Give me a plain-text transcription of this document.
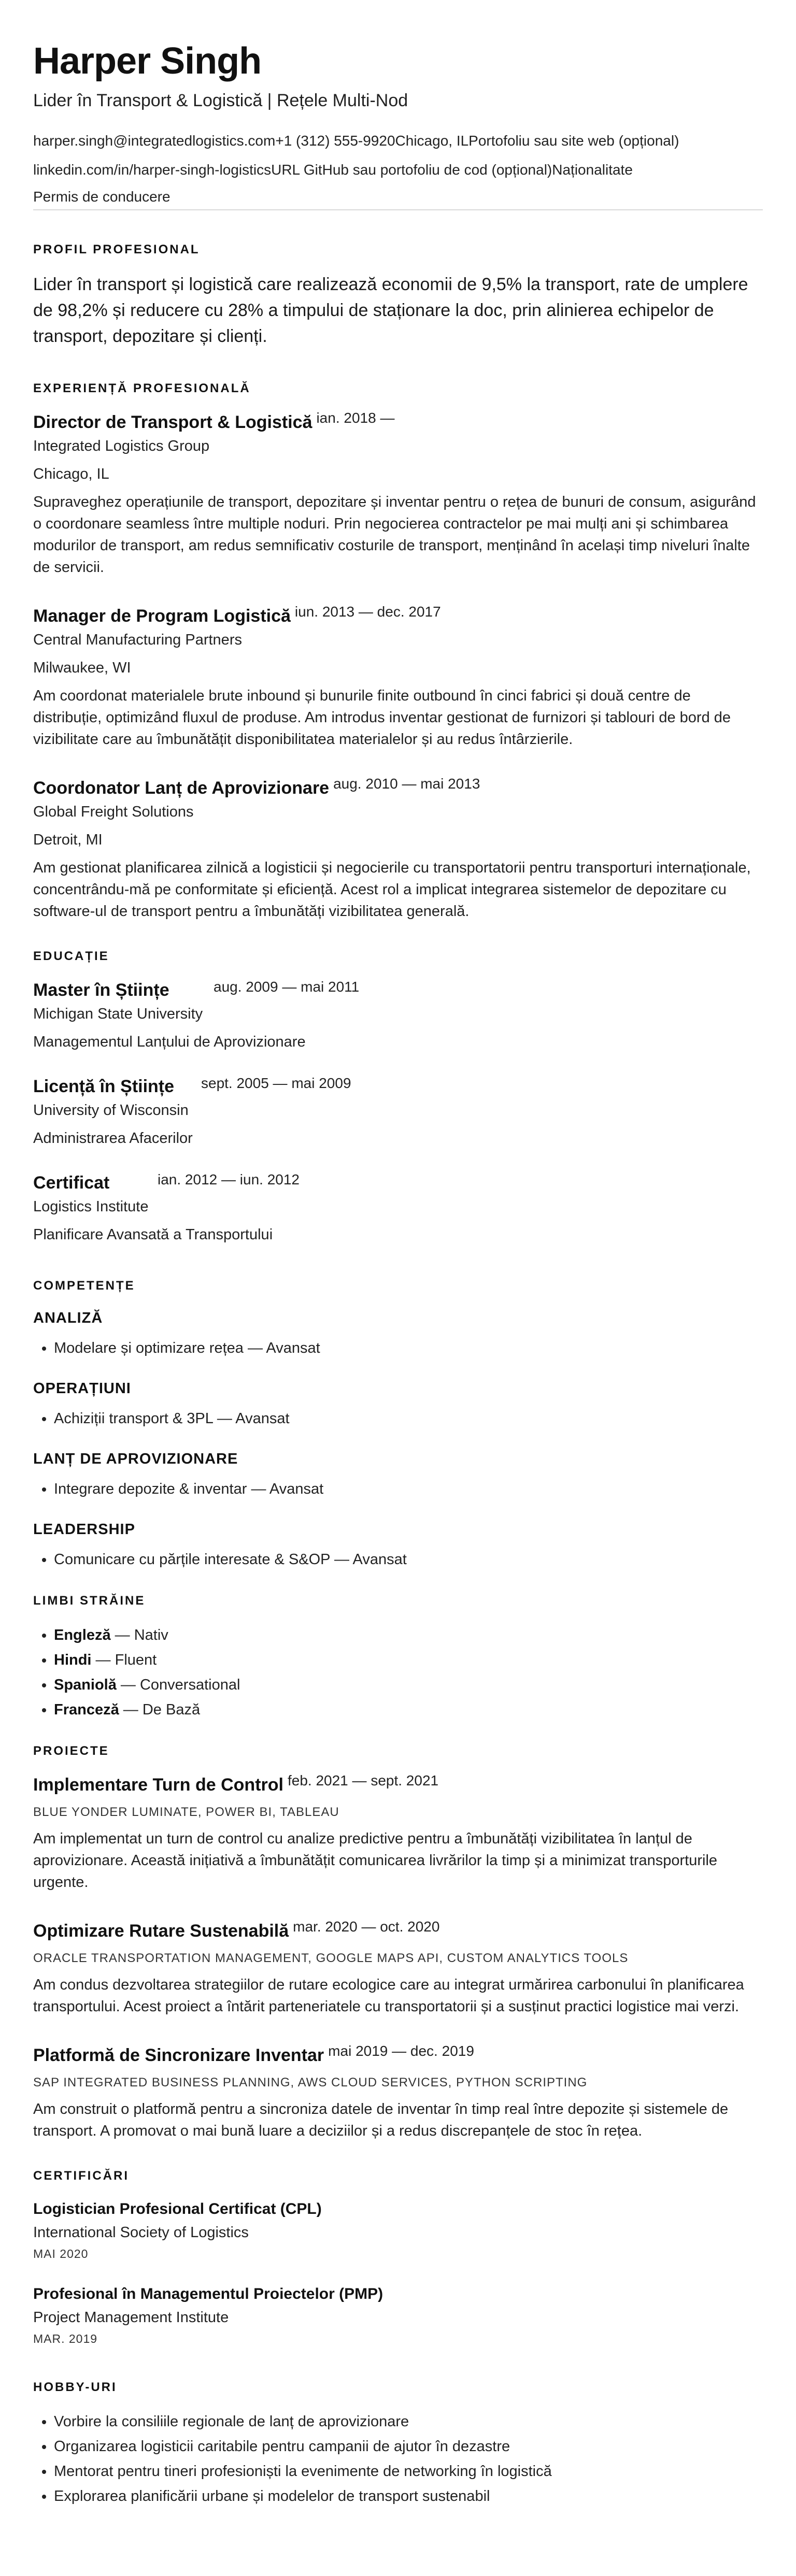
Harper Singh
Lider în Transport & Logistică | Rețele Multi-Nod
harper.singh@integratedlogistics.com +1 (312) 555-9920 Chicago, IL Portofoliu sau site web (opțional)
linkedin.com/in/harper-singh-logistics URL GitHub sau portofoliu de cod (opțional) Naționalitate
Permis de conducere
PROFIL PROFESIONAL
Lider în transport și logistică care realizează economii de 9,5% la transport, rate de umplere de 98,2% și reducere cu 28% a timpului de staționare la doc, prin alinierea echipelor de transport, depozitare și clienți.
EXPERIENȚĂ PROFESIONALĂ
Director de Transport & Logistică ian. 2018 —
Integrated Logistics Group
Chicago, IL
Supraveghez operațiunile de transport, depozitare și inventar pentru o rețea de bunuri de consum, asigurând o coordonare seamless între multiple noduri. Prin negocierea contractelor pe mai mulți ani și schimbarea modurilor de transport, am redus semnificativ costurile de transport, menținând în același timp niveluri înalte de servicii.
Manager de Program Logistică iun. 2013 — dec. 2017
Central Manufacturing Partners
Milwaukee, WI
Am coordonat materialele brute inbound și bunurile finite outbound în cinci fabrici și două centre de distribuție, optimizând fluxul de produse. Am introdus inventar gestionat de furnizori și tablouri de bord de vizibilitate care au îmbunătățit disponibilitatea materialelor și au redus întârzierile.
Coordonator Lanț de Aprovizionare aug. 2010 — mai 2013
Global Freight Solutions
Detroit, MI
Am gestionat planificarea zilnică a logisticii și negocierile cu transportatorii pentru transporturi internaționale, concentrându-mă pe conformitate și eficiență. Acest rol a implicat integrarea sistemelor de depozitare cu software-ul de transport pentru a îmbunătăți vizibilitatea generală.
EDUCAȚIE
Master în Științe	aug. 2009 — mai 2011
Michigan State University
Managementul Lanțului de Aprovizionare
Licență în Științe	sept. 2005 — mai 2009
University of Wisconsin
Administrarea Afacerilor
Certificat	ian. 2012 — iun. 2012
Logistics Institute
Planificare Avansată a Transportului
COMPETENȚE
ANALIZĂ
• Modelare și optimizare rețea — Avansat
OPERAȚIUNI
• Achiziții transport & 3PL — Avansat
LANȚ DE APROVIZIONARE
• Integrare depozite & inventar — Avansat
LEADERSHIP
• Comunicare cu părțile interesate & S&OP — Avansat
LIMBI STRĂINE
• Engleză — Nativ
• Hindi — Fluent
• Spaniolă — Conversational
• Franceză — De Bază
PROIECTE
Implementare Turn de Control feb. 2021 — sept. 2021
BLUE YONDER LUMINATE, POWER BI, TABLEAU
Am implementat un turn de control cu analize predictive pentru a îmbunătăți vizibilitatea în lanțul de aprovizionare. Această inițiativă a îmbunătățit comunicarea livrărilor la timp și a minimizat transporturile urgente.
Optimizare Rutare Sustenabilă mar. 2020 — oct. 2020
ORACLE TRANSPORTATION MANAGEMENT, GOOGLE MAPS API, CUSTOM ANALYTICS TOOLS
Am condus dezvoltarea strategiilor de rutare ecologice care au integrat urmărirea carbonului în planificarea transportului. Acest proiect a întărit parteneriatele cu transportatorii și a susținut practici logistice mai verzi.
Platformă de Sincronizare Inventar mai 2019 — dec. 2019
SAP INTEGRATED BUSINESS PLANNING, AWS CLOUD SERVICES, PYTHON SCRIPTING
Am construit o platformă pentru a sincroniza datele de inventar în timp real între depozite și sistemele de transport. A promovat o mai bună luare a deciziilor și a redus discrepanțele de stoc în rețea.
CERTIFICĂRI
Logistician Profesional Certificat (CPL)
International Society of Logistics
MAI 2020
Profesional în Managementul Proiectelor (PMP)
Project Management Institute
MAR. 2019
HOBBY-URI
• Vorbire la consiliile regionale de lanț de aprovizionare
• Organizarea logisticii caritabile pentru campanii de ajutor în dezastre
• Mentorat pentru tineri profesioniști la evenimente de networking în logistică
• Explorarea planificării urbane și modelelor de transport sustenabil
